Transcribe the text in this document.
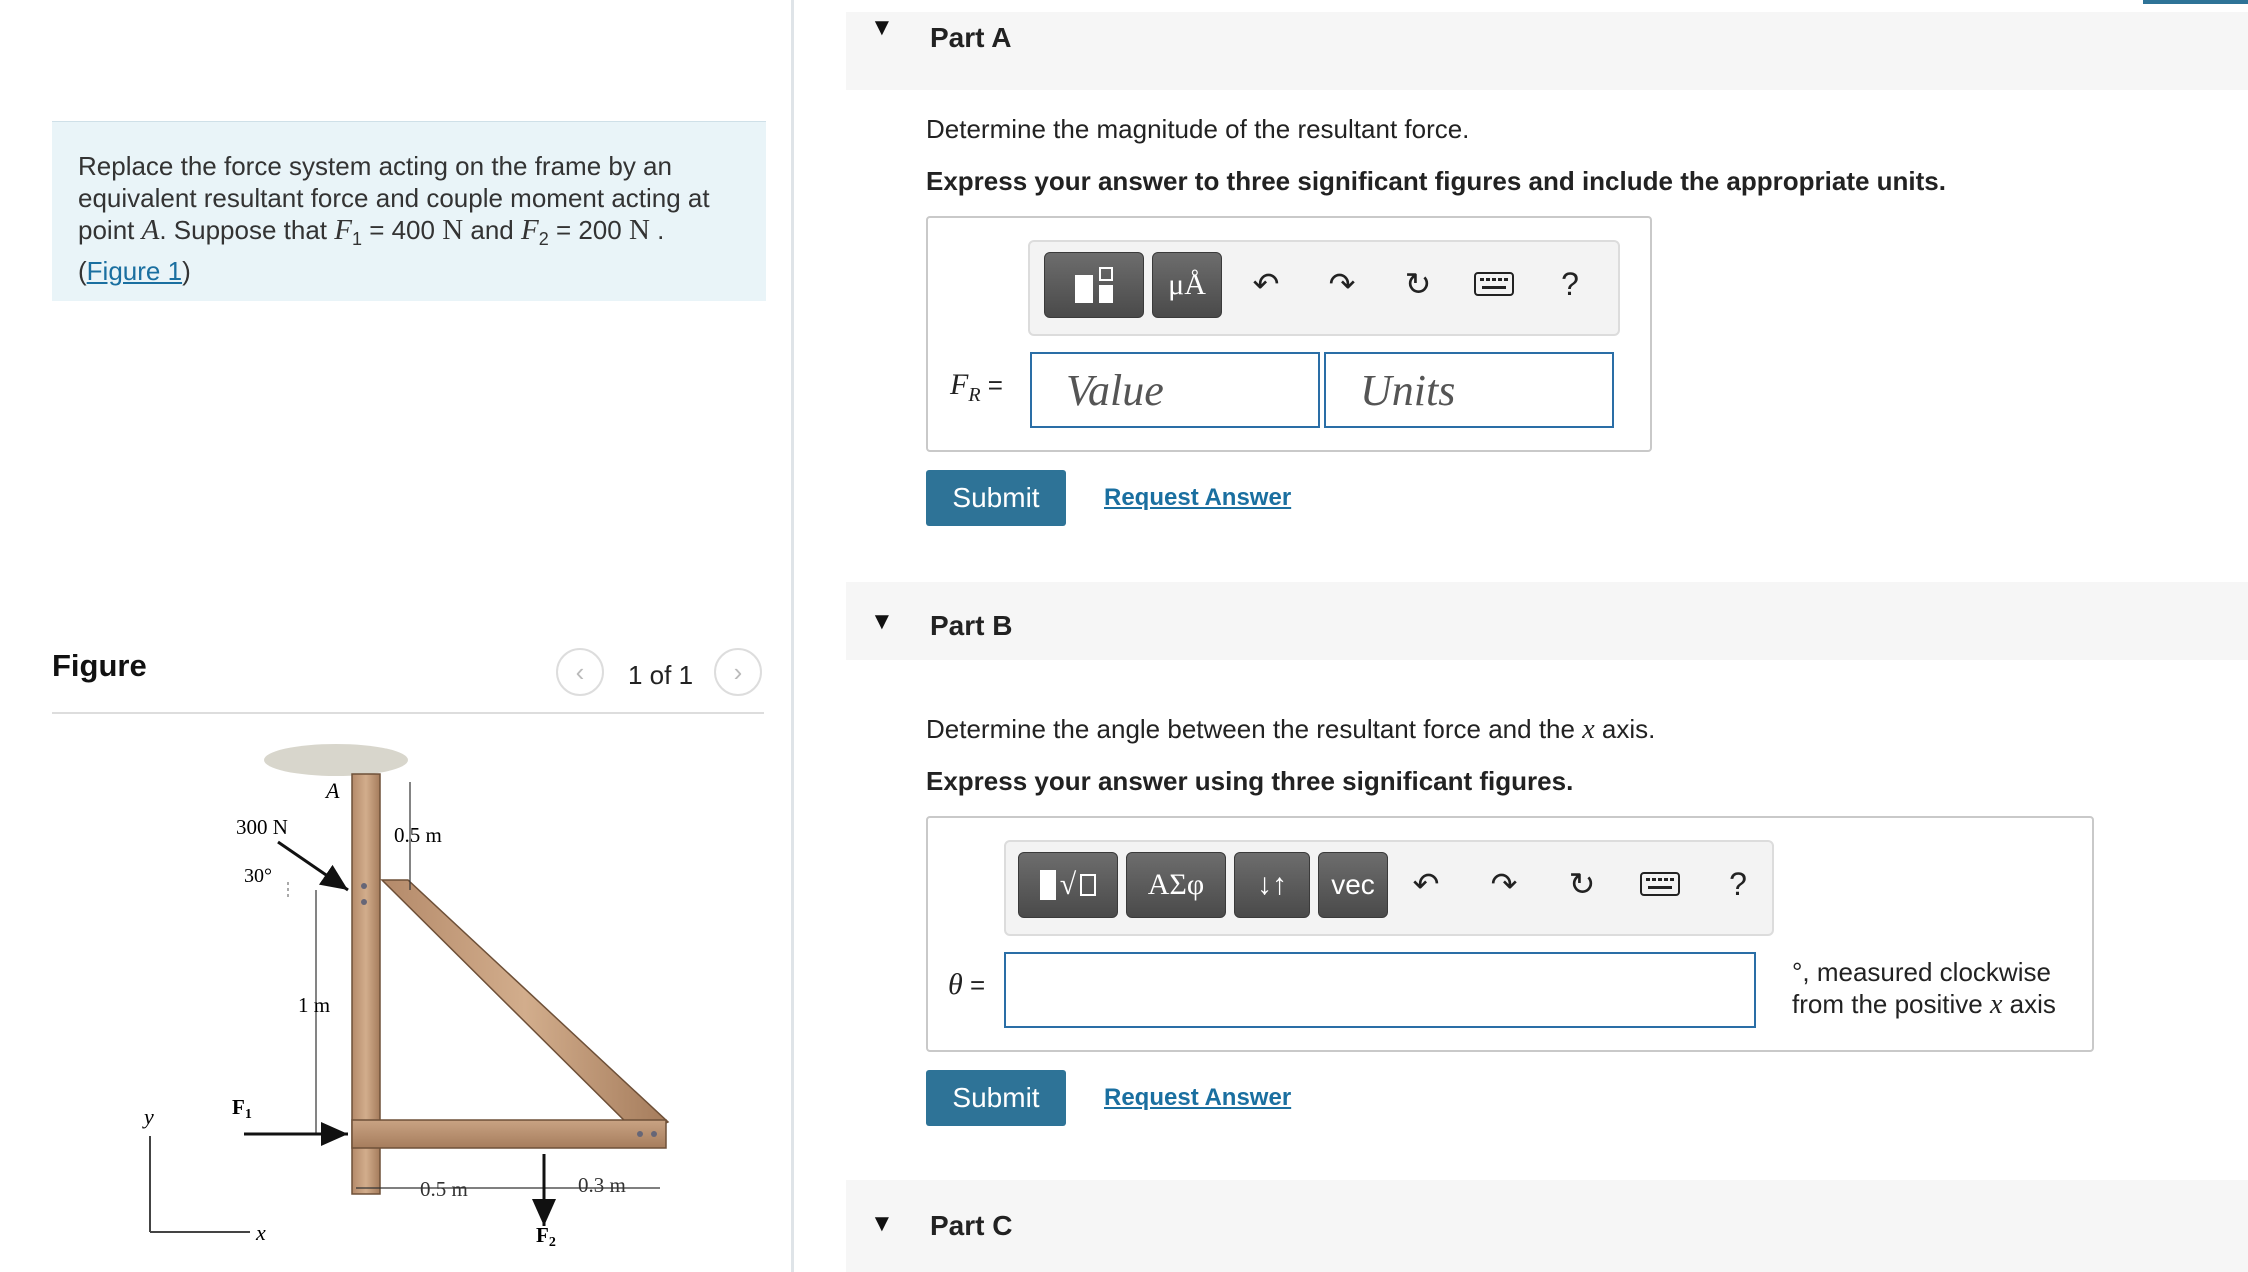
Replace the force system acting on the frame by an
equivalent resultant force and couple moment acting at
point A. Suppose that $F_1 = 400$ N and $F_2 = 200$ N .
(Figure 1)
Figure	‹ 1 of 1 ›
A
300 N
30°
0.5 m
1 m
F1
0.5 m	0.3 m
F2
y
x
▼ Part A
Determine the magnitude of the resultant force.
Express your answer to three significant figures and include the appropriate units.
μÅ	↶	↷	↻	?
$F_R$ =	Value	Units
Submit	Request Answer
▼ Part B
Determine the angle between the resultant force and the x axis.
Express your answer using three significant figures.
√	ΑΣφ	↓↑	vec	↶	↷	↻	?
θ =	°, measured clockwise
from the positive x axis
Submit	Request Answer
▼ Part C
